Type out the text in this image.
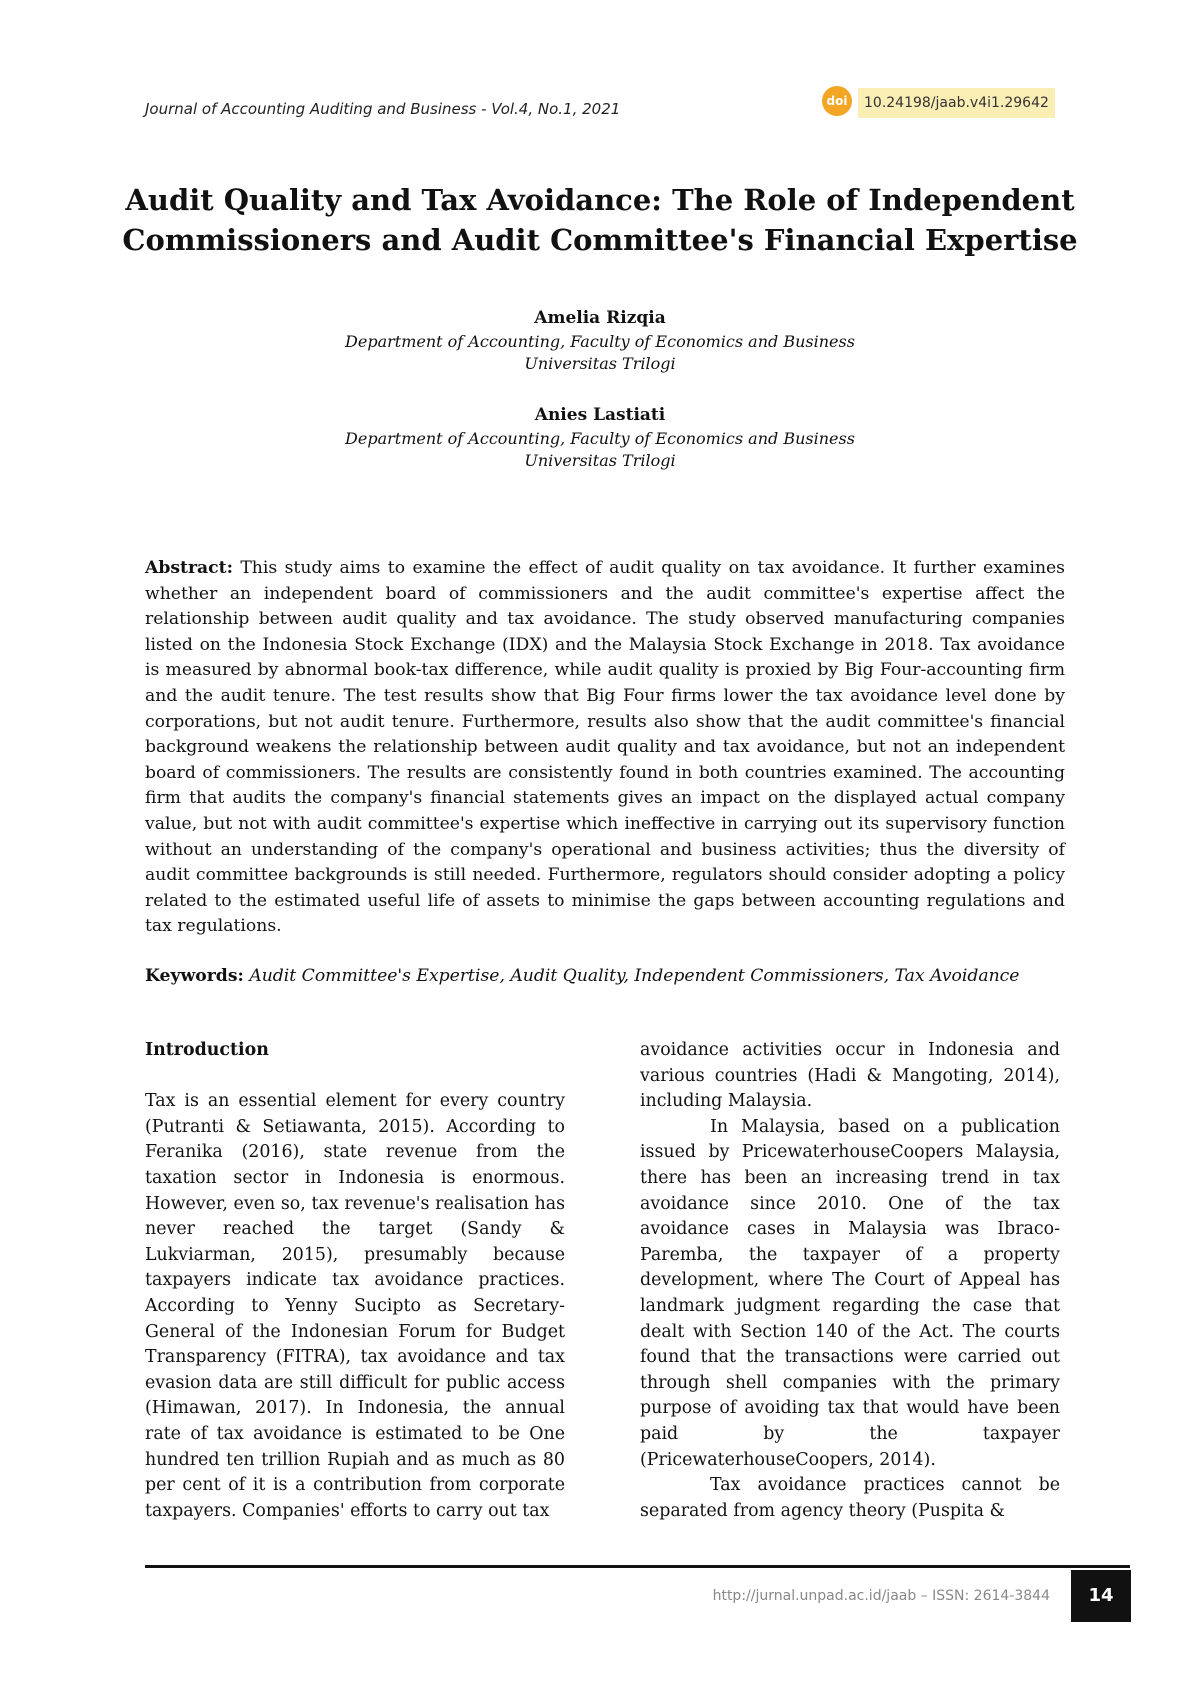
Journal of Accounting Auditing and Business - Vol.4, No.1, 2021	doi	10.24198/jaab.v4i1.29642
Audit Quality and Tax Avoidance: The Role of Independent
Commissioners and Audit Committee's Financial Expertise
Amelia Rizqia
Department of Accounting, Faculty of Economics and Business
Universitas Trilogi
Anies Lastiati
Department of Accounting, Faculty of Economics and Business
Universitas Trilogi
Abstract: This study aims to examine the effect of audit quality on tax avoidance. It further examines whether an independent board of commissioners and the audit committee's expertise affect the relationship between audit quality and tax avoidance. The study observed manufacturing companies listed on the Indonesia Stock Exchange (IDX) and the Malaysia Stock Exchange in 2018. Tax avoidance is measured by abnormal book-tax difference, while audit quality is proxied by Big Four-accounting firm and the audit tenure. The test results show that Big Four firms lower the tax avoidance level done by corporations, but not audit tenure. Furthermore, results also show that the audit committee's financial background weakens the relationship between audit quality and tax avoidance, but not an independent board of commissioners. The results are consistently found in both countries examined. The accounting firm that audits the company's financial statements gives an impact on the displayed actual company value, but not with audit committee's expertise which ineffective in carrying out its supervisory function without an understanding of the company's operational and business activities; thus the diversity of audit committee backgrounds is still needed. Furthermore, regulators should consider adopting a policy related to the estimated useful life of assets to minimise the gaps between accounting regulations and tax regulations.
Keywords: Audit Committee's Expertise, Audit Quality, Independent Commissioners, Tax Avoidance

Introduction

Tax is an essential element for every country (Putranti & Setiawanta, 2015). According to Feranika (2016), state revenue from the taxation sector in Indonesia is enormous. However, even so, tax revenue's realisation has never reached the target (Sandy & Lukviarman, 2015), presumably because taxpayers indicate tax avoidance practices. According to Yenny Sucipto as Secretary-General of the Indonesian Forum for Budget Transparency (FITRA), tax avoidance and tax evasion data are still difficult for public access (Himawan, 2017). In Indonesia, the annual rate of tax avoidance is estimated to be One hundred ten trillion Rupiah and as much as 80 per cent of it is a contribution from corporate taxpayers. Companies' efforts to carry out tax

avoidance activities occur in Indonesia and various countries (Hadi & Mangoting, 2014), including Malaysia.

In Malaysia, based on a publication issued by PricewaterhouseCoopers Malaysia, there has been an increasing trend in tax avoidance since 2010. One of the tax avoidance cases in Malaysia was Ibraco-Paremba, the taxpayer of a property development, where The Court of Appeal has landmark judgment regarding the case that dealt with Section 140 of the Act. The courts found that the transactions were carried out through shell companies with the primary purpose of avoiding tax that would have been paid by the taxpayer (PricewaterhouseCoopers, 2014).

Tax avoidance practices cannot be separated from agency theory (Puspita &

http://jurnal.unpad.ac.id/jaab – ISSN: 2614-3844	14
